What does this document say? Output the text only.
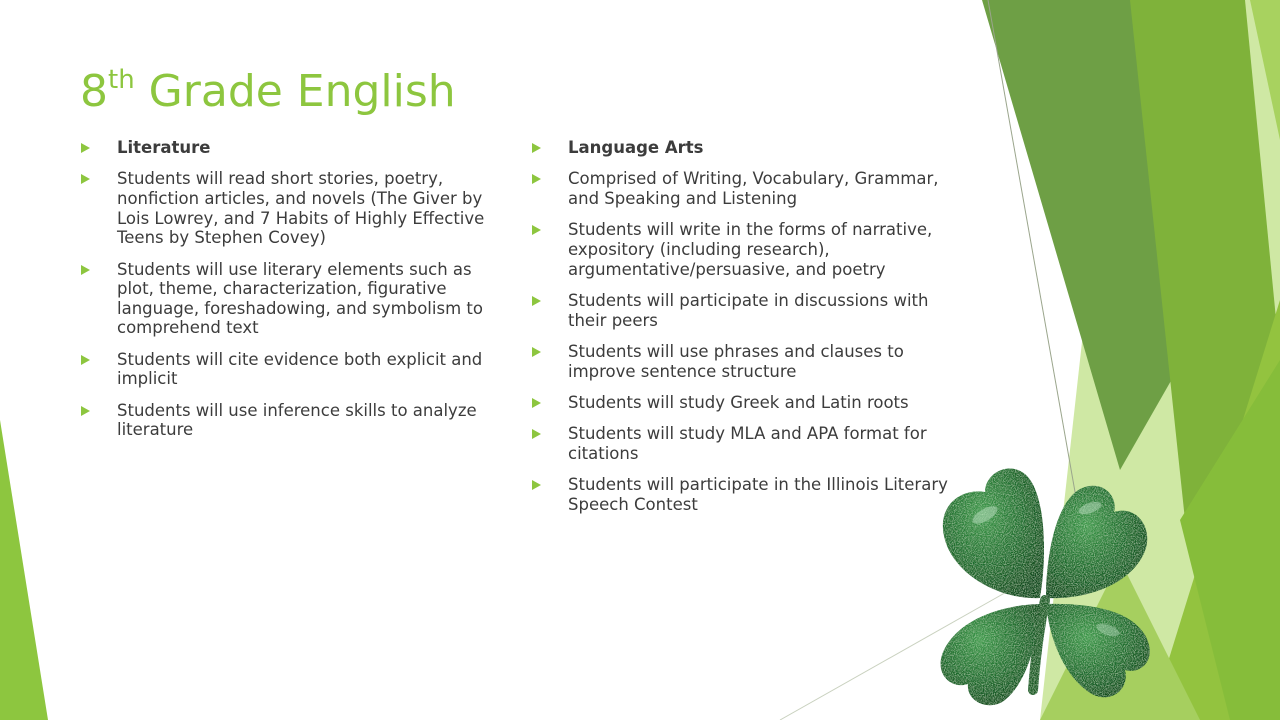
8th Grade English
Literature
Students will read short stories, poetry, nonfiction articles, and novels (The Giver by Lois Lowrey, and 7 Habits of Highly Effective Teens by Stephen Covey)
Students will use literary elements such as plot, theme, characterization, figurative language, foreshadowing, and symbolism to comprehend text
Students will cite evidence both explicit and implicit
Students will use inference skills to analyze literature
Language Arts
Comprised of Writing, Vocabulary, Grammar, and Speaking and Listening
Students will write in the forms of narrative, expository (including research), argumentative/persuasive, and poetry
Students will participate in discussions with their peers
Students will use phrases and clauses to improve sentence structure
Students will study Greek and Latin roots
Students will study MLA and APA format for citations
Students will participate in the Illinois Literary Speech Contest
